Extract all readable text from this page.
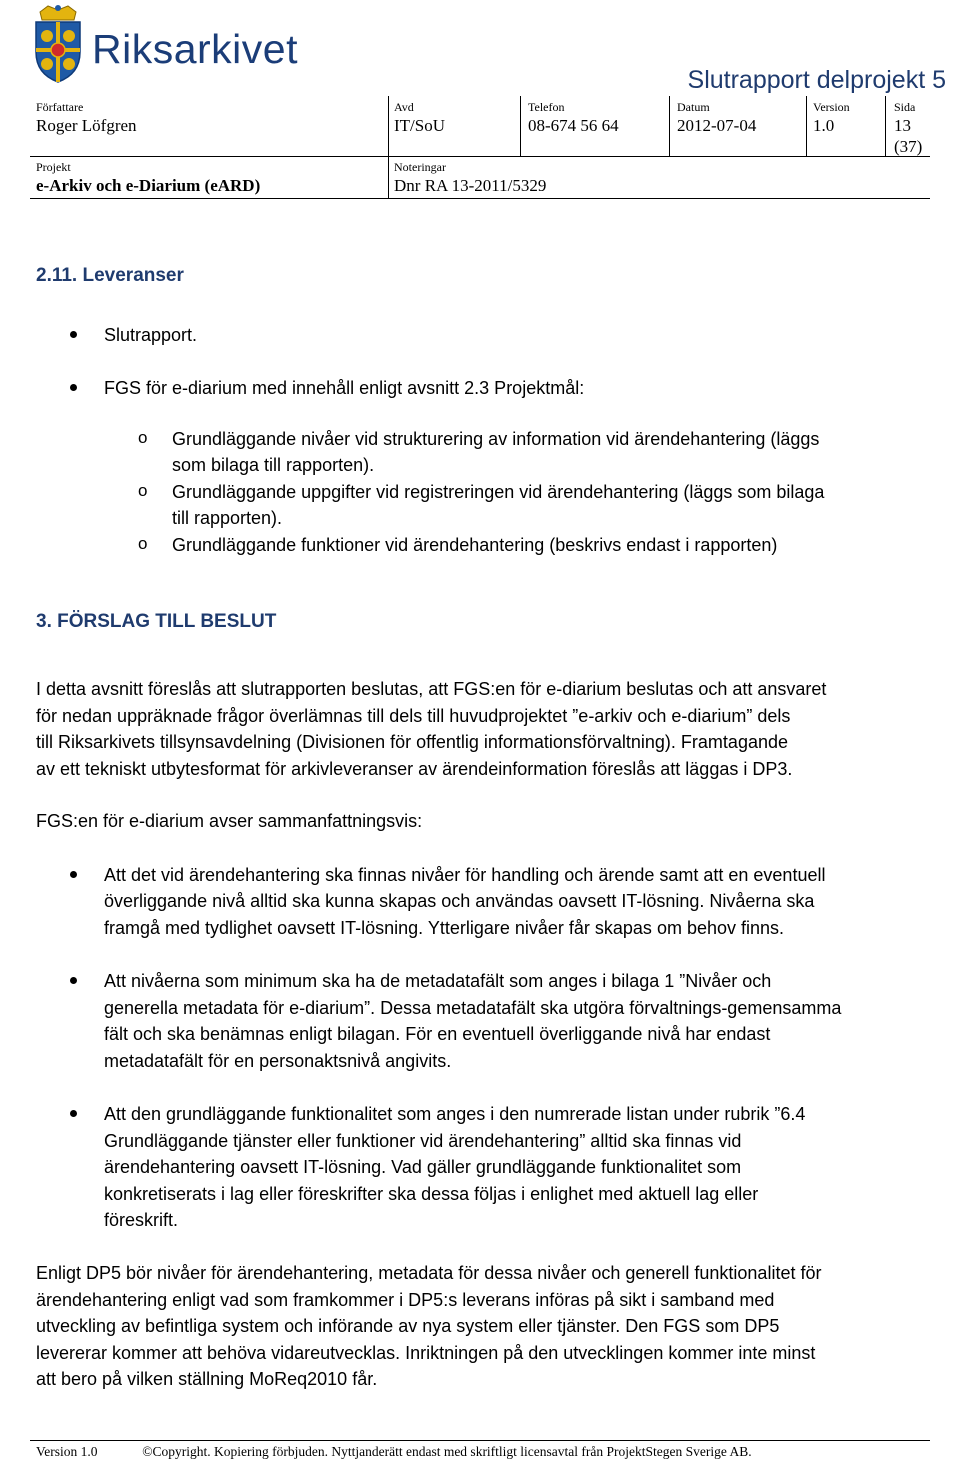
Riksarkivet
Slutrapport delprojekt 5
Författare
Roger Löfgren
Avd
IT/SoU
Telefon
08-674 56 64
Datum
2012-07-04
Version
1.0
Sida
13
(37)
Projekt
e-Arkiv och e-Diarium (eARD)
Noteringar
Dnr RA 13-2011/5329
2.11. Leveranser
Slutrapport.
FGS för e-diarium med innehåll enligt avsnitt 2.3 Projektmål:
o Grundläggande nivåer vid strukturering av information vid ärendehantering (läggs
som bilaga till rapporten).
o Grundläggande uppgifter vid registreringen vid ärendehantering (läggs som bilaga
till rapporten).
o Grundläggande funktioner vid ärendehantering (beskrivs endast i rapporten)
3. FÖRSLAG TILL BESLUT
I detta avsnitt föreslås att slutrapporten beslutas, att FGS:en för e-diarium beslutas och att ansvaret
för nedan uppräknade frågor överlämnas till dels till huvudprojektet ”e-arkiv och e-diarium” dels
till Riksarkivets tillsynsavdelning (Divisionen för offentlig informationsförvaltning). Framtagande
av ett tekniskt utbytesformat för arkivleveranser av ärendeinformation föreslås att läggas i DP3.
FGS:en för e-diarium avser sammanfattningsvis:
Att det vid ärendehantering ska finnas nivåer för handling och ärende samt att en eventuell
överliggande nivå alltid ska kunna skapas och användas oavsett IT-lösning. Nivåerna ska
framgå med tydlighet oavsett IT-lösning. Ytterligare nivåer får skapas om behov finns.
Att nivåerna som minimum ska ha de metadatafält som anges i bilaga 1 ”Nivåer och
generella metadata för e-diarium”. Dessa metadatafält ska utgöra förvaltnings-gemensamma
fält och ska benämnas enligt bilagan. För en eventuell överliggande nivå har endast
metadatafält för en personaktsnivå angivits.
Att den grundläggande funktionalitet som anges i den numrerade listan under rubrik ”6.4
Grundläggande tjänster eller funktioner vid ärendehantering” alltid ska finnas vid
ärendehantering oavsett IT-lösning. Vad gäller grundläggande funktionalitet som
konkretiserats i lag eller föreskrifter ska dessa följas i enlighet med aktuell lag eller
föreskrift.
Enligt DP5 bör nivåer för ärendehantering, metadata för dessa nivåer och generell funktionalitet för
ärendehantering enligt vad som framkommer i DP5:s leverans införas på sikt i samband med
utveckling av befintliga system och införande av nya system eller tjänster. Den FGS som DP5
levererar kommer att behöva vidareutvecklas. Inriktningen på den utvecklingen kommer inte minst
att bero på vilken ställning MoReq2010 får.
Version 1.0	©Copyright. Kopiering förbjuden. Nyttjanderätt endast med skriftligt licensavtal från ProjektStegen Sverige AB.
